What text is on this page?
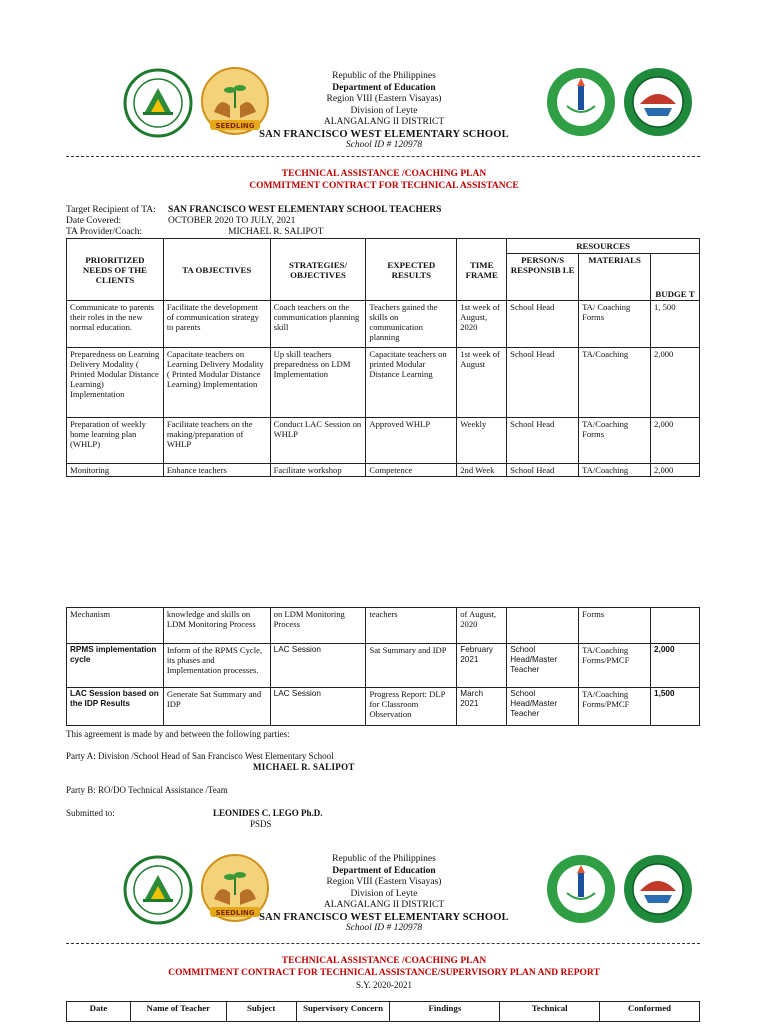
SEEDLING
Republic of the Philippines
Department of Education
Region VIII (Eastern Visayas)
Division of Leyte
ALANGALANG II DISTRICT
SAN FRANCISCO WEST ELEMENTARY SCHOOL
School ID # 120978
TECHNICAL ASSISTANCE /COACHING PLAN
COMMITMENT CONTRACT FOR TECHNICAL ASSISTANCE
Target Recipient of TA: SAN FRANCISCO WEST ELEMENTARY SCHOOL TEACHERS
Date Covered:	OCTOBER 2020 TO JULY, 2021
TA Provider/Coach:	MICHAEL R. SALIPOT
PRIORITIZED NEEDS OF THE CLIENTS	TA OBJECTIVES	STRATEGIES/ OBJECTIVES	EXPECTED RESULTS	TIME FRAME	RESOURCES		
					PERSON/S RESPONSIB LE	MATERIALS	BUDGE T
Communicate to parents their roles in the new normal education.	Facilitate the development of communication strategy to parents	Coach teachers on the communication planning skill	Teachers gained the skills on communication planning	1st week of August, 2020	School Head	TA/ Coaching Forms	1, 500
Preparedness on Learning Delivery Modality ( Printed Modular Distance Learning) Implementation	Capacitate teachers on Learning Delivery Modality ( Printed Modular Distance Learning) Implementation	Up skill teachers preparedness on LDM Implementation	Capacitate teachers on printed Modular Distance Learning	1st week of August	School Head	TA/Coaching	2,000
Preparation of weekly home learning plan (WHLP)	Facilitate teachers on the making/preparation of WHLP	Conduct LAC Session on WHLP	Approved WHLP	Weekly	School Head	TA/Coaching Forms	2,000
Monitoring	Enhance teachers	Facilitate workshop	Competence	2nd Week	School Head	TA/Coaching	2,000
Mechanism	knowledge and skills on LDM Monitoring Process	on LDM Monitoring Process	teachers	of August, 2020		Forms	
RPMS implementation cycle	Inform of the RPMS Cycle, its phases and Implementation processes.	LAC Session	Sat Summary and IDP	February 2021	School Head/Master Teacher	TA/Coaching Forms/PMCF	2,000
LAC Session based on the IDP Results	Generate Sat Summary and IDP	LAC Session	Progress Report: DLP for Classroom Observation	March 2021	School Head/Master Teacher	TA/Coaching Forms/PMCF	1,500
This agreement is made by and between the following parties:
Party A: Division /School Head of San Francisco West Elementary School
MICHAEL R. SALIPOT
Party B: RO/DO Technical Assistance /Team
Submitted to:	LEONIDES C. LEGO Ph.D.
PSDS
SEEDLING
Republic of the Philippines
Department of Education
Region VIII (Eastern Visayas)
Division of Leyte
ALANGALANG II DISTRICT
SAN FRANCISCO WEST ELEMENTARY SCHOOL
School ID # 120978
TECHNICAL ASSISTANCE /COACHING PLAN
COMMITMENT CONTRACT FOR TECHNICAL ASSISTANCE/SUPERVISORY PLAN AND REPORT
S.Y. 2020-2021
Date	Name of Teacher	Subject	Supervisory Concern	Findings	Technical	Conformed
